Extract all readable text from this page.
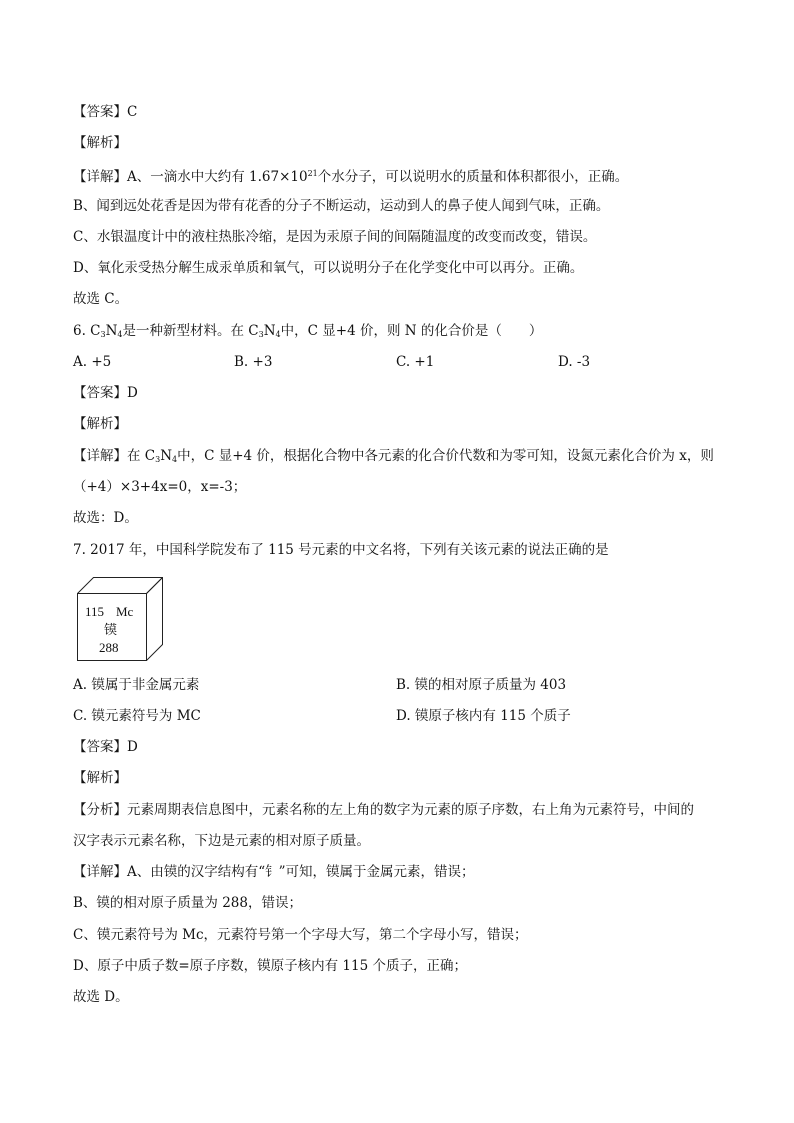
【答案】C
【解析】
【详解】A、一滴水中大约有 $1.67\times 10^{21}$个水分子，可以说明水的质量和体积都很小，正确。
B、闻到远处花香是因为带有花香的分子不断运动，运动到人的鼻子使人闻到气味，正确。
C、水银温度计中的液柱热胀冷缩，是因为汞原子间的间隔随温度的改变而改变，错误。
D、氧化汞受热分解生成汞单质和氧气，可以说明分子在化学变化中可以再分。正确。
故选 C。
6. $C_3N_4$是一种新型材料。在 $C_3N_4$中，C 显+4 价，则 N 的化合价是（　　）
A. +5	B. +3	C. +1	D. -3
【答案】D
【解析】
【详解】在 $C_3N_4$中，C 显+4 价，根据化合物中各元素的化合价代数和为零可知，设氮元素化合价为 x，则
（+4）×3+4x=0，x=-3；
故选：D。
7. 2017 年，中国科学院发布了 115 号元素的中文名将，下列有关该元素的说法正确的是
115 Mc
镆
288
A. 镆属于非金属元素	B. 镆的相对原子质量为 403
C. 镆元素符号为 MC	D. 镆原子核内有 115 个质子
【答案】D
【解析】
【分析】元素周期表信息图中，元素名称的左上角的数字为元素的原子序数，右上角为元素符号，中间的
汉字表示元素名称，下边是元素的相对原子质量。
【详解】A、由镆的汉字结构有“钅”可知，镆属于金属元素，错误；
B、镆的相对原子质量为 288，错误；
C、镆元素符号为 Mc，元素符号第一个字母大写，第二个字母小写，错误；
D、原子中质子数=原子序数，镆原子核内有 115 个质子，正确；
故选 D。
